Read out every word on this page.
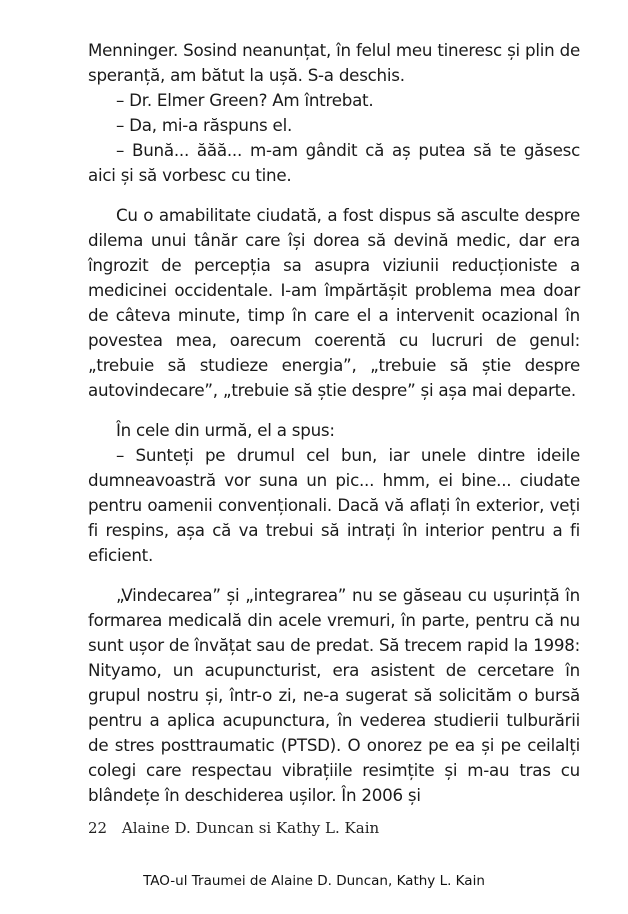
Menninger. Sosind neanunțat, în felul meu tineresc și plin de speranță, am bătut la ușă. S-a deschis.

– Dr. Elmer Green? Am întrebat.

– Da, mi-a răspuns el.

– Bună... ăăă... m-am gândit că aș putea să te găsesc aici și să vorbesc cu tine.

Cu o amabilitate ciudată, a fost dispus să asculte despre dilema unui tânăr care își dorea să devină medic, dar era îngrozit de percepția sa asupra viziunii reducționiste a medicinei occidentale. I-am împărtășit problema mea doar de câteva minute, timp în care el a intervenit ocazional în povestea mea, oarecum coerentă cu lucruri de genul: „trebuie să studieze energia”, „trebuie să știe despre autovindecare”, „trebuie să știe despre” și așa mai departe.

În cele din urmă, el a spus:

– Sunteți pe drumul cel bun, iar unele dintre ideile dumneavoastră vor suna un pic... hmm, ei bine... ciudate pentru oamenii convenționali. Dacă vă aflați în exterior, veți fi respins, așa că va trebui să intrați în interior pentru a fi eficient.

„Vindecarea” și „integrarea” nu se găseau cu ușurință în formarea medicală din acele vremuri, în parte, pentru că nu sunt ușor de învățat sau de predat. Să trecem rapid la 1998: Nityamo, un acupuncturist, era asistent de cercetare în grupul nostru și, într-o zi, ne-a sugerat să solicităm o bursă pentru a aplica acupunctura, în vederea studierii tulburării de stres posttraumatic (PTSD). O onorez pe ea și pe ceilalți colegi care respectau vibrațiile resimțite și m-au tras cu blândețe în deschiderea ușilor. În 2006 și

22 Alaine D. Duncan si Kathy L. Kain
TAO-ul Traumei de Alaine D. Duncan, Kathy L. Kain
